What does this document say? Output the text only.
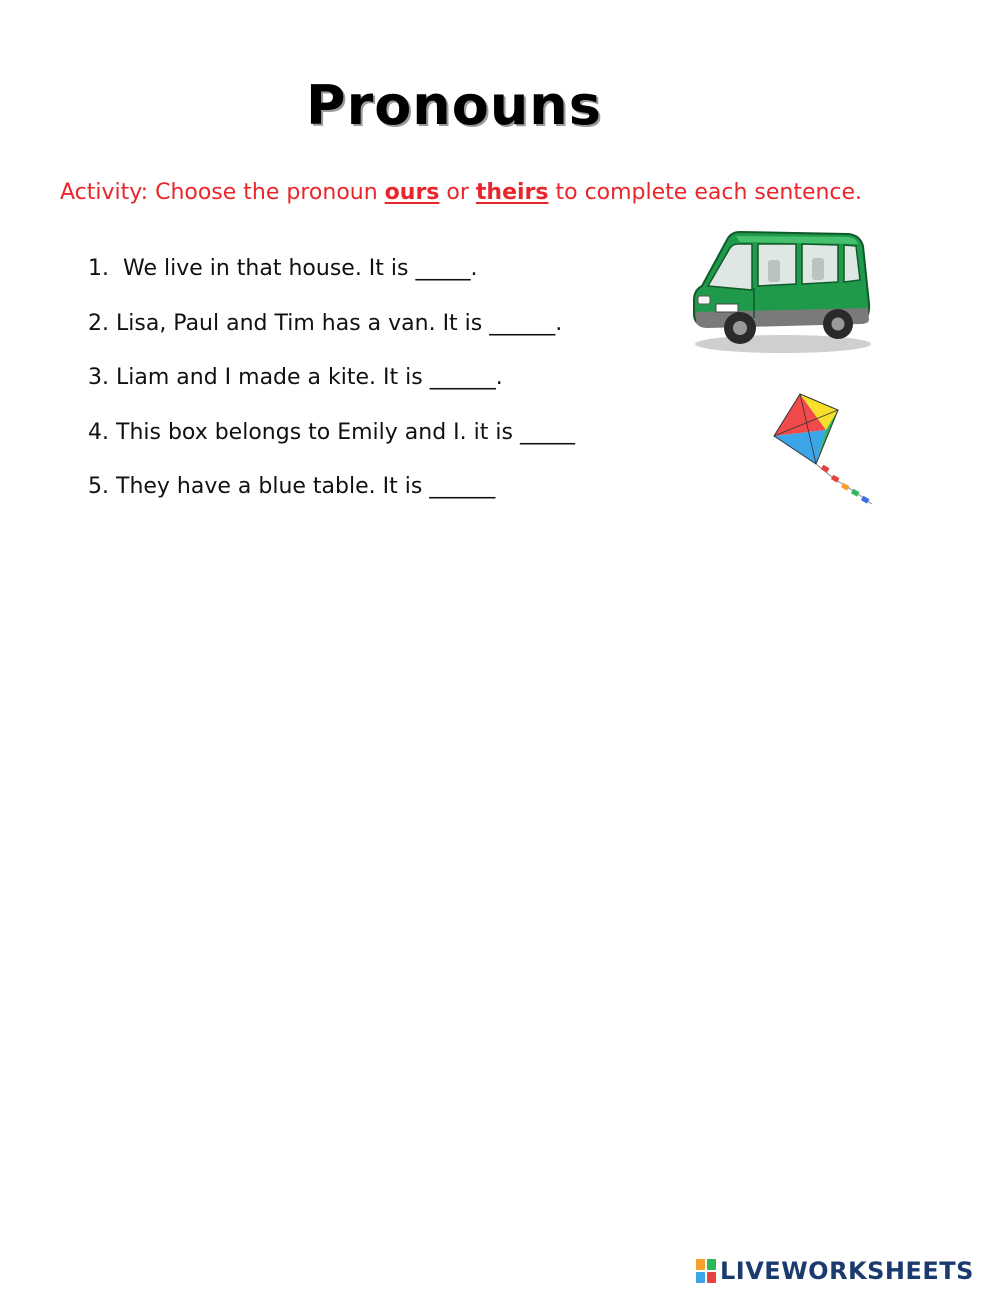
Pronouns

Activity: Choose the pronoun ours or theirs to complete each sentence.

1. We live in that house. It is _____.
2. Lisa, Paul and Tim has a van. It is ______.
3. Liam and I made a kite. It is ______.
4. This box belongs to Emily and I. it is _____
5. They have a blue table. It is ______
LIVEWORKSHEETS
